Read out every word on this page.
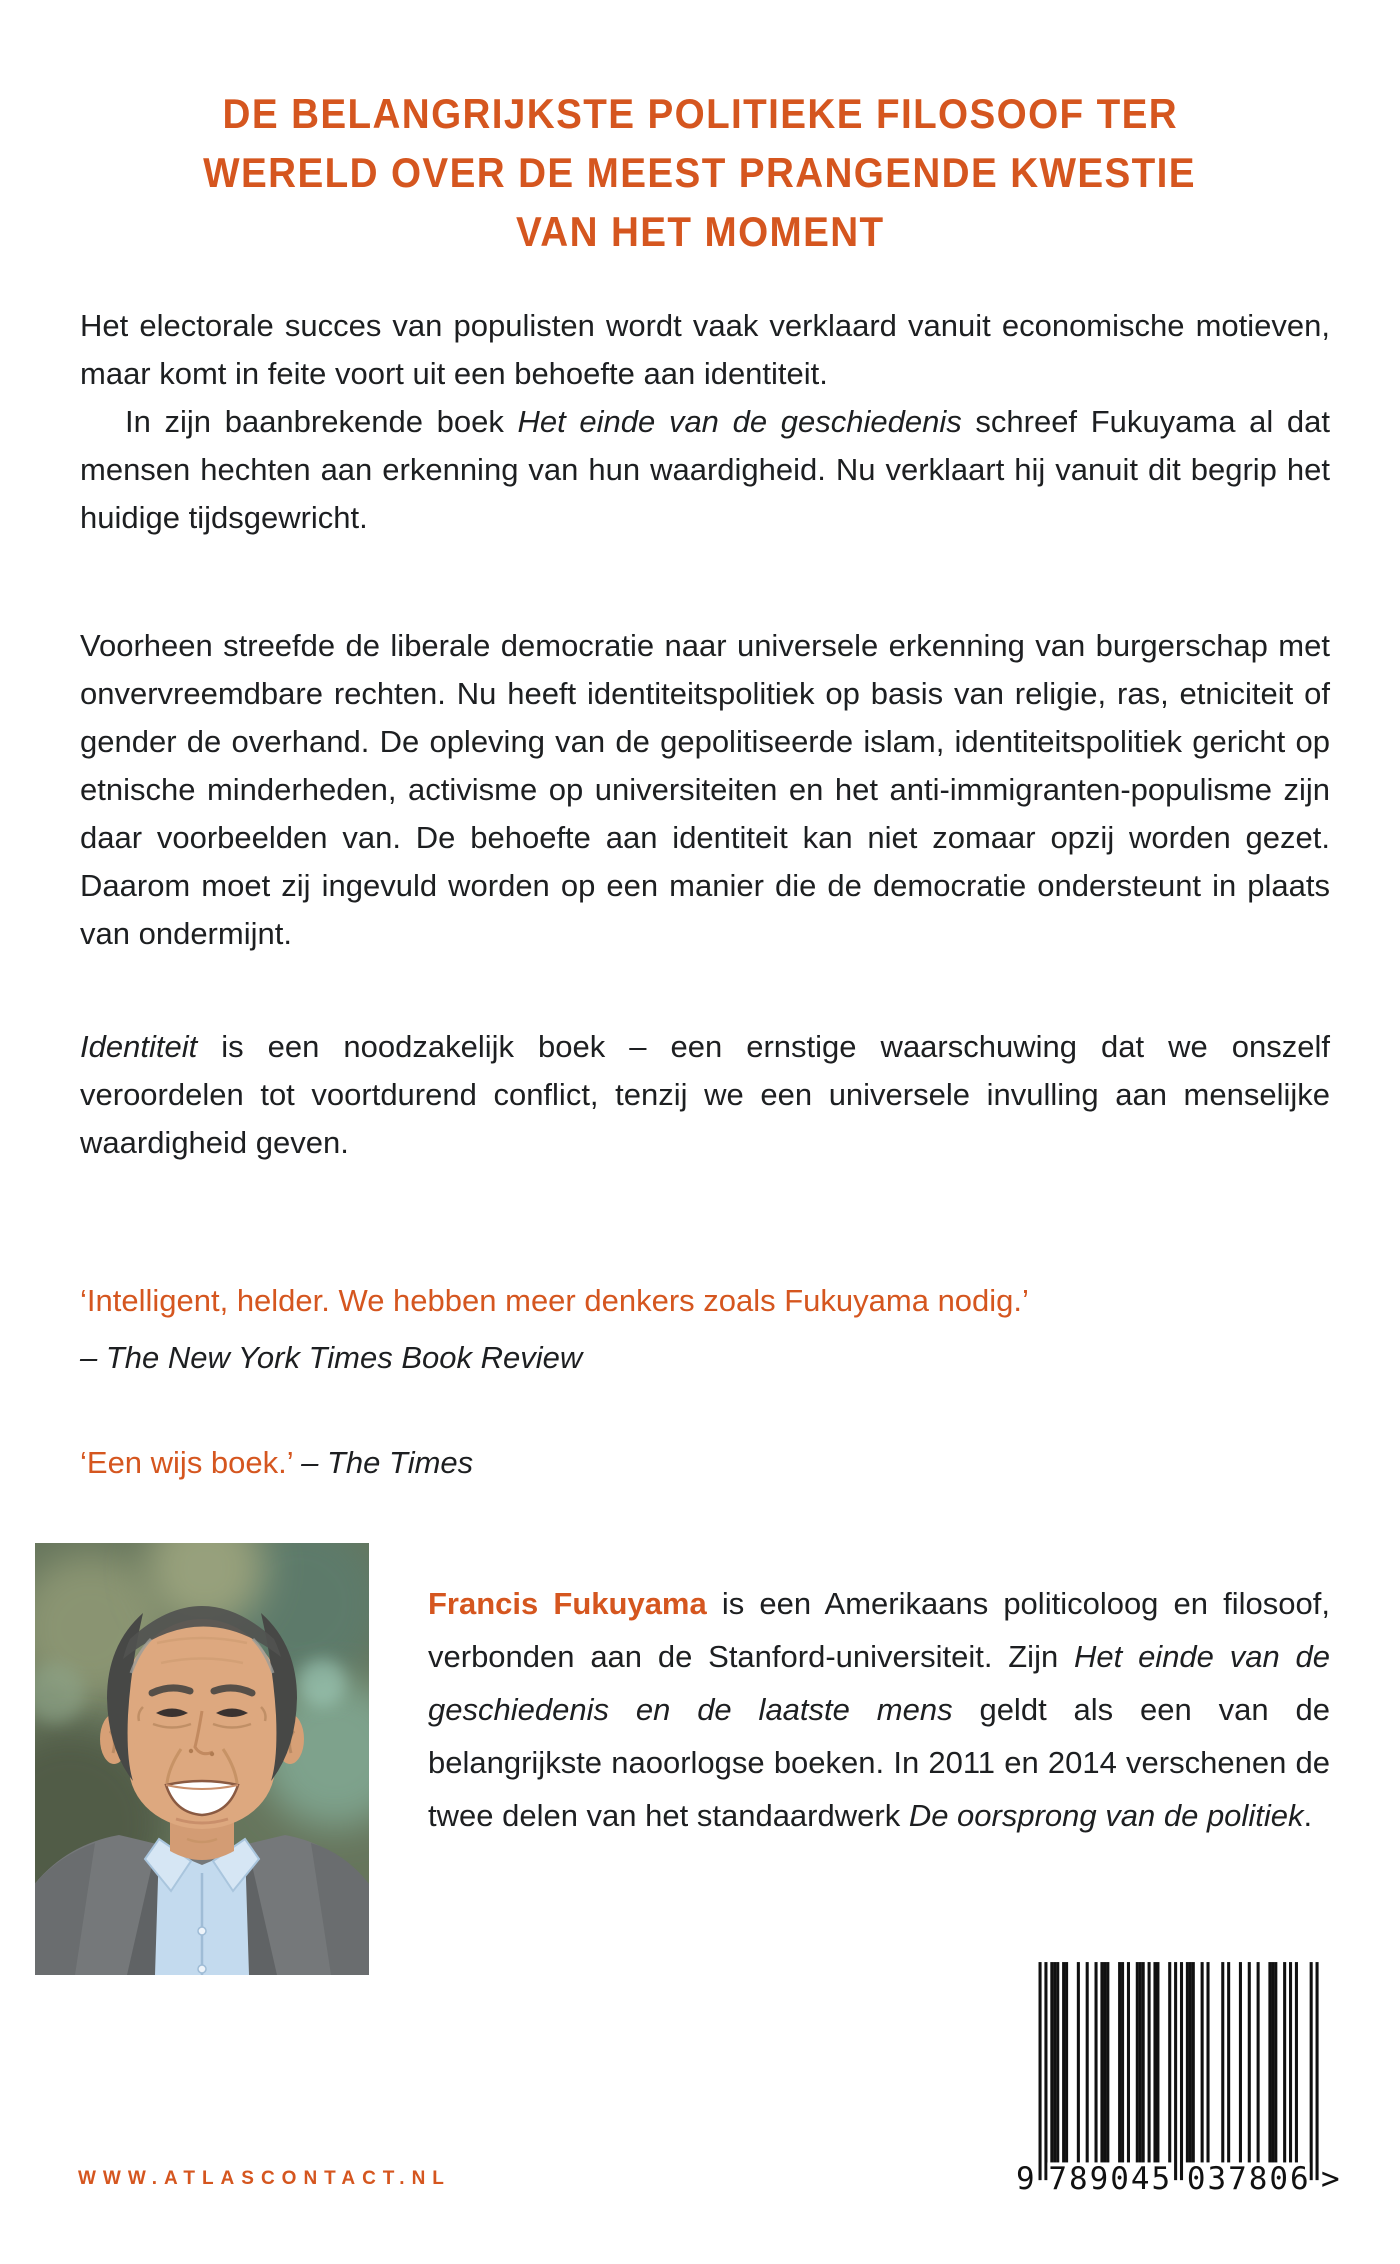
DE BELANGRIJKSTE POLITIEKE FILOSOOF TER
WERELD OVER DE MEEST PRANGENDE KWESTIE
VAN HET MOMENT

Het electorale succes van populisten wordt vaak verklaard vanuit economische motieven, maar komt in feite voort uit een behoefte aan identiteit.

In zijn baanbrekende boek Het einde van de geschiedenis schreef Fukuyama al dat mensen hechten aan erkenning van hun waardigheid. Nu verklaart hij vanuit dit begrip het huidige tijdsgewricht.

Voorheen streefde de liberale democratie naar universele erkenning van burgerschap met onvervreemdbare rechten. Nu heeft identiteitspolitiek op basis van religie, ras, etniciteit of gender de overhand. De opleving van de gepolitiseerde islam, identiteitspolitiek gericht op etnische minderheden, activisme op universiteiten en het anti-immigranten-populisme zijn daar voorbeelden van. De behoefte aan identiteit kan niet zomaar opzij worden gezet. Daarom moet zij ingevuld worden op een manier die de democratie ondersteunt in plaats van ondermijnt.

Identiteit is een noodzakelijk boek – een ernstige waarschuwing dat we onszelf veroordelen tot voortdurend conflict, tenzij we een universele invulling aan menselijke waardigheid geven.

‘Intelligent, helder. We hebben meer denkers zoals Fukuyama nodig.’

– The New York Times Book Review

‘Een wijs boek.’ – The Times

Francis Fukuyama is een Amerikaans politicoloog en filosoof, verbonden aan de Stanford-universiteit. Zijn Het einde van de geschiedenis en de laatste mens geldt als een van de belangrijkste naoorlogse boeken. In 2011 en 2014 verschenen de twee delen van het standaardwerk De oorsprong van de politiek.

WWW.ATLASCONTACT.NL	9 7	0
8	3
9	7
0	8
4	0
5	6 >
